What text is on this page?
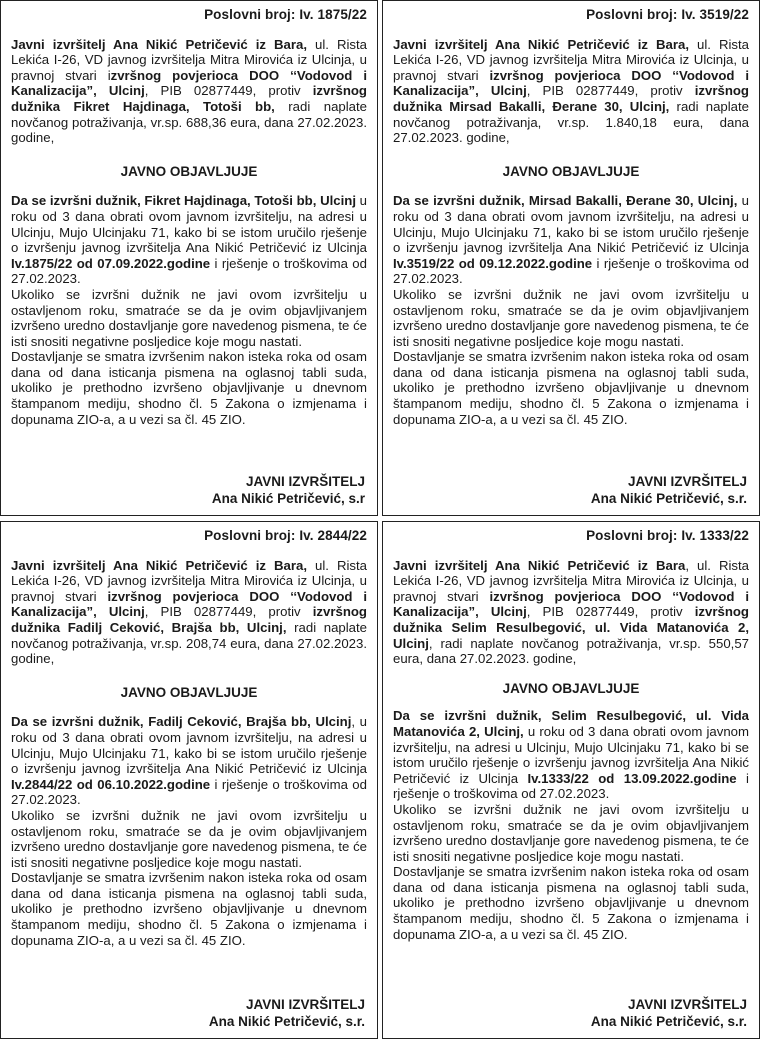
Poslovni broj: Iv. 1875/22

Javni izvršitelj Ana Nikić Petričević iz Bara, ul. Rista Lekića I-26, VD javnog izvršitelja Mitra Mirovića iz Ulcinja, u pravnoj stvari izvršnog povjerioca DOO ‘‘Vodovod i Kanalizacija”, Ulcinj, PIB 02877449, protiv izvršnog dužnika Fikret Hajdinaga, Totoši bb, radi naplate novčanog potraživanja, vr.sp. 688,36 eura, dana 27.02.2023. godine,

JAVNO OBJAVLJUJE

Da se izvršni dužnik, Fikret Hajdinaga, Totoši bb, Ulcinj u roku od 3 dana obrati ovom javnom izvršitelju, na adresi u Ulcinju, Mujo Ulcinjaku 71, kako bi se istom uručilo rješenje o izvršenju javnog izvršitelja Ana Nikić Petričević iz Ulcinja Iv.1875/22 od 07.09.2022.godine i rješenje o troškovima od 27.02.2023.

Ukoliko se izvršni dužnik ne javi ovom izvršitelju u ostavljenom roku, smatraće se da je ovim objavljivanjem izvršeno uredno dostavljanje gore navedenog pismena, te će isti snositi negativne posljedice koje mogu nastati.

Dostavljanje se smatra izvršenim nakon isteka roka od osam dana od dana isticanja pismena na oglasnoj tabli suda, ukoliko je prethodno izvršeno objavljivanje u dnevnom štampanom mediju, shodno čl. 5 Zakona o izmjenama i dopunama ZIO-a, a u vezi sa čl. 45 ZIO.

JAVNI IZVRŠITELJ
Ana Nikić Petričević, s.r
Poslovni broj: Iv. 3519/22

Javni izvršitelj Ana Nikić Petričević iz Bara, ul. Rista Lekića I-26, VD javnog izvršitelja Mitra Mirovića iz Ulcinja, u pravnoj stvari izvršnog povjerioca DOO ‘‘Vodovod i Kanalizacija”, Ulcinj, PIB 02877449, protiv izvršnog dužnika Mirsad Bakalli, Đerane 30, Ulcinj, radi naplate novčanog potraživanja, vr.sp. 1.840,18 eura, dana 27.02.2023. godine,

JAVNO OBJAVLJUJE

Da se izvršni dužnik, Mirsad Bakalli, Đerane 30, Ulcinj, u roku od 3 dana obrati ovom javnom izvršitelju, na adresi u Ulcinju, Mujo Ulcinjaku 71, kako bi se istom uručilo rješenje o izvršenju javnog izvršitelja Ana Nikić Petričević iz Ulcinja Iv.3519/22 od 09.12.2022.godine i rješenje o troškovima od 27.02.2023.

Ukoliko se izvršni dužnik ne javi ovom izvršitelju u ostavljenom roku, smatraće se da je ovim objavljivanjem izvršeno uredno dostavljanje gore navedenog pismena, te će isti snositi negativne posljedice koje mogu nastati.

Dostavljanje se smatra izvršenim nakon isteka roka od osam dana od dana isticanja pismena na oglasnoj tabli suda, ukoliko je prethodno izvršeno objavljivanje u dnevnom štampanom mediju, shodno čl. 5 Zakona o izmjenama i dopunama ZIO-a, a u vezi sa čl. 45 ZIO.

JAVNI IZVRŠITELJ
Ana Nikić Petričević, s.r.
Poslovni broj: Iv. 2844/22

Javni izvršitelj Ana Nikić Petričević iz Bara, ul. Rista Lekića I-26, VD javnog izvršitelja Mitra Mirovića iz Ulcinja, u pravnoj stvari izvršnog povjerioca DOO ‘‘Vodovod i Kanalizacija”, Ulcinj, PIB 02877449, protiv izvršnog dužnika Fadilj Ceković, Brajša bb, Ulcinj, radi naplate novčanog potraživanja, vr.sp. 208,74 eura, dana 27.02.2023. godine,

JAVNO OBJAVLJUJE

Da se izvršni dužnik, Fadilj Ceković, Brajša bb, Ulcinj, u roku od 3 dana obrati ovom javnom izvršitelju, na adresi u Ulcinju, Mujo Ulcinjaku 71, kako bi se istom uručilo rješenje o izvršenju javnog izvršitelja Ana Nikić Petričević iz Ulcinja Iv.2844/22 od 06.10.2022.godine i rješenje o troškovima od 27.02.2023.

Ukoliko se izvršni dužnik ne javi ovom izvršitelju u ostavljenom roku, smatraće se da je ovim objavljivanjem izvršeno uredno dostavljanje gore navedenog pismena, te će isti snositi negativne posljedice koje mogu nastati.

Dostavljanje se smatra izvršenim nakon isteka roka od osam dana od dana isticanja pismena na oglasnoj tabli suda, ukoliko je prethodno izvršeno objavljivanje u dnevnom štampanom mediju, shodno čl. 5 Zakona o izmjenama i dopunama ZIO-a, a u vezi sa čl. 45 ZIO.

JAVNI IZVRŠITELJ
Ana Nikić Petričević, s.r.
Poslovni broj: Iv. 1333/22

Javni izvršitelj Ana Nikić Petričević iz Bara, ul. Rista Lekića I-26, VD javnog izvršitelja Mitra Mirovića iz Ulcinja, u pravnoj stvari izvršnog povjerioca DOO ‘‘Vodovod i Kanalizacija”, Ulcinj, PIB 02877449, protiv izvršnog dužnika Selim Resulbegović, ul. Vida Matanovića 2, Ulcinj, radi naplate novčanog potraživanja, vr.sp. 550,57 eura, dana 27.02.2023. godine,

JAVNO OBJAVLJUJE

Da se izvršni dužnik, Selim Resulbegović, ul. Vida Matanovića 2, Ulcinj, u roku od 3 dana obrati ovom javnom izvršitelju, na adresi u Ulcinju, Mujo Ulcinjaku 71, kako bi se istom uručilo rješenje o izvršenju javnog izvršitelja Ana Nikić Petričević iz Ulcinja Iv.1333/22 od 13.09.2022.godine i rješenje o troškovima od 27.02.2023.

Ukoliko se izvršni dužnik ne javi ovom izvršitelju u ostavljenom roku, smatraće se da je ovim objavljivanjem izvršeno uredno dostavljanje gore navedenog pismena, te će isti snositi negativne posljedice koje mogu nastati.

Dostavljanje se smatra izvršenim nakon isteka roka od osam dana od dana isticanja pismena na oglasnoj tabli suda, ukoliko je prethodno izvršeno objavljivanje u dnevnom štampanom mediju, shodno čl. 5 Zakona o izmjenama i dopunama ZIO-a, a u vezi sa čl. 45 ZIO.

JAVNI IZVRŠITELJ
Ana Nikić Petričević, s.r.
